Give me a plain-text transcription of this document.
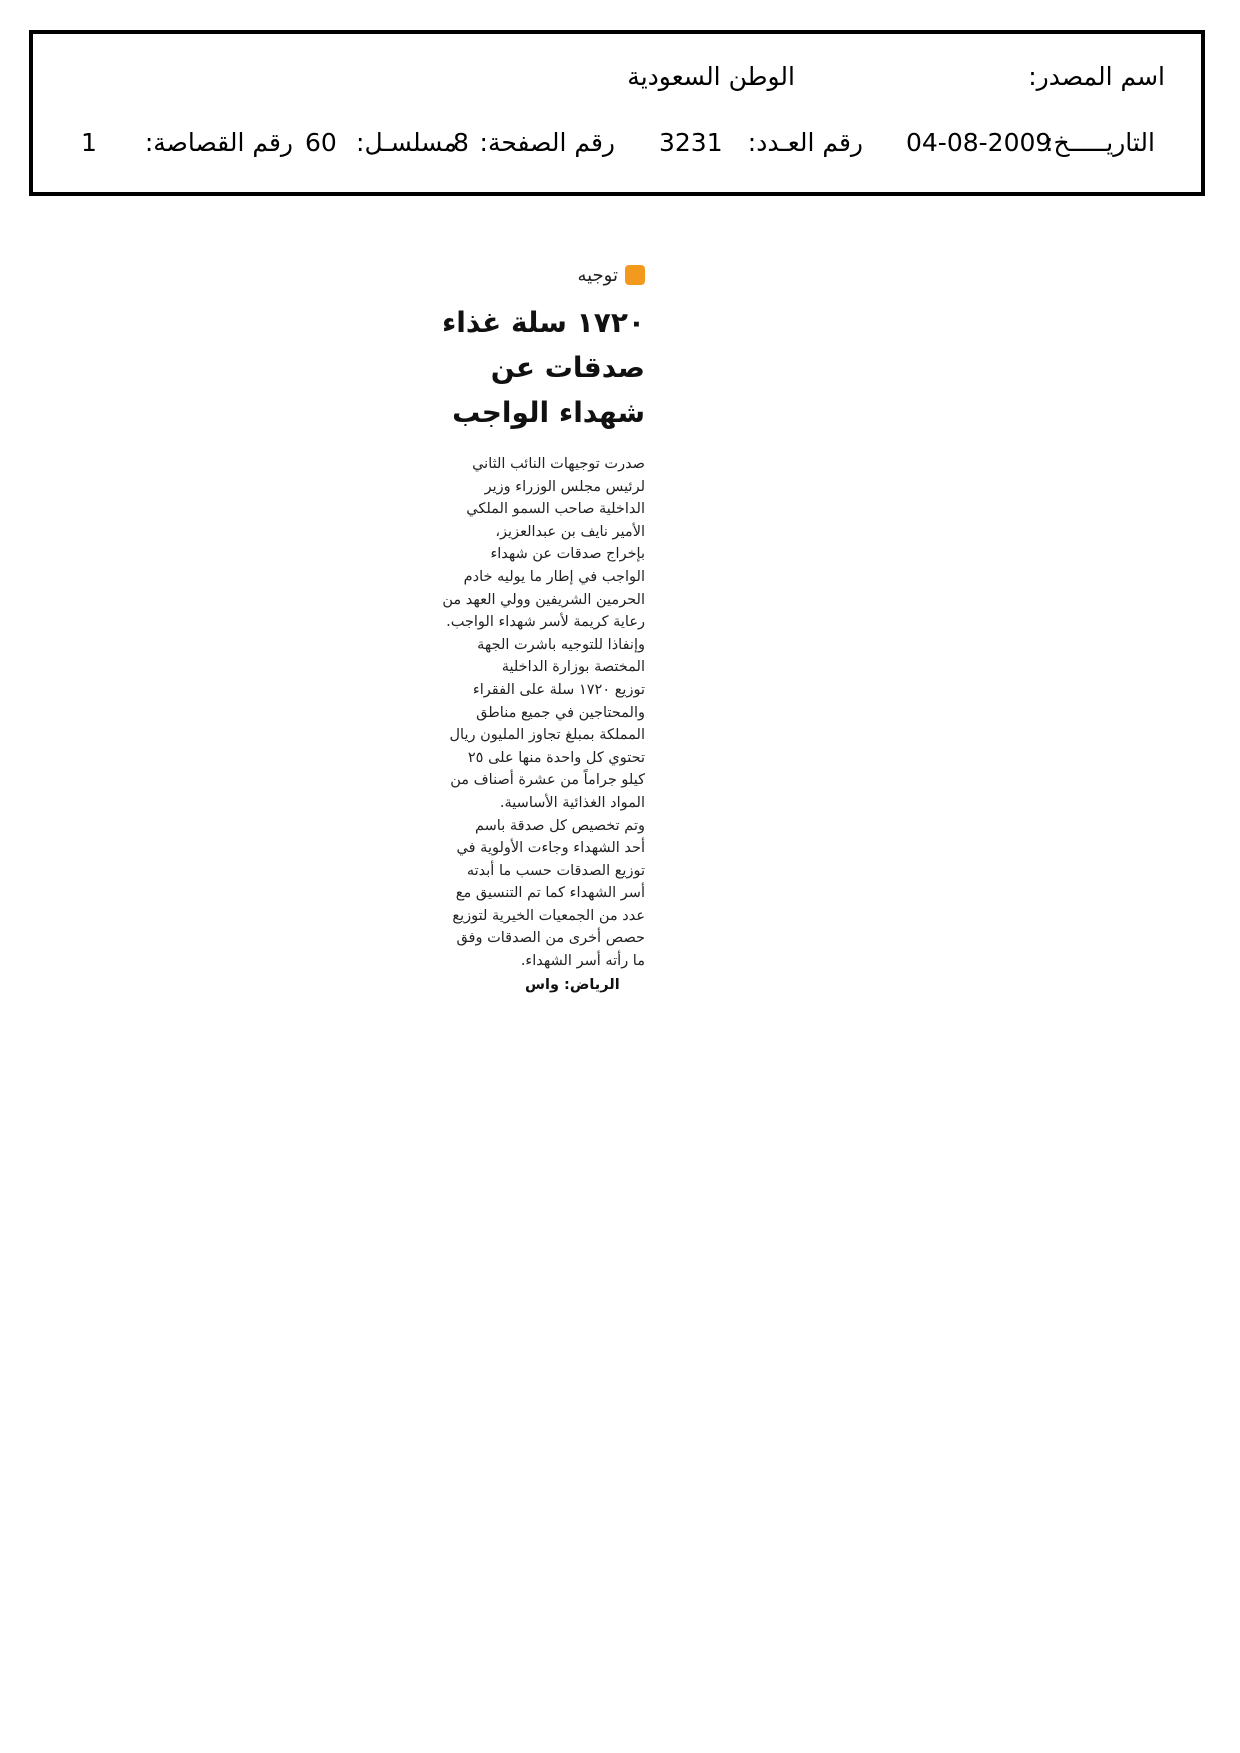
اسم المصدر:
الوطن السعودية
التاريـــــخ:
04-08-2009
رقم العـدد:
3231
رقم الصفحة:
8
مسلسـل:
60
رقم القصاصة:
1
توجيه
١٧٢٠ سلة غذاء
صدقات عن
شهداء الواجب
صدرت توجيهات النائب الثاني
لرئيس مجلس الوزراء وزير
الداخلية صاحب السمو الملكي
الأمير نايف بن عبدالعزيز،
بإخراج صدقات عن شهداء
الواجب في إطار ما يوليه خادم
الحرمين الشريفين وولي العهد من
رعاية كريمة لأسر شهداء الواجب.
وإنفاذا للتوجيه باشرت الجهة
المختصة بوزارة الداخلية
توزيع ١٧٢٠ سلة على الفقراء
والمحتاجين في جميع مناطق
المملكة بمبلغ تجاوز المليون ريال
تحتوي كل واحدة منها على ٢٥
كيلو جراماً من عشرة أصناف من
المواد الغذائية الأساسية.
وتم تخصيص كل صدقة باسم
أحد الشهداء وجاءت الأولوية في
توزيع الصدقات حسب ما أبدته
أسر الشهداء كما تم التنسيق مع
عدد من الجمعيات الخيرية لتوزيع
حصص أخرى من الصدقات وفق
ما رأته أسر الشهداء.
الرياض: واس
